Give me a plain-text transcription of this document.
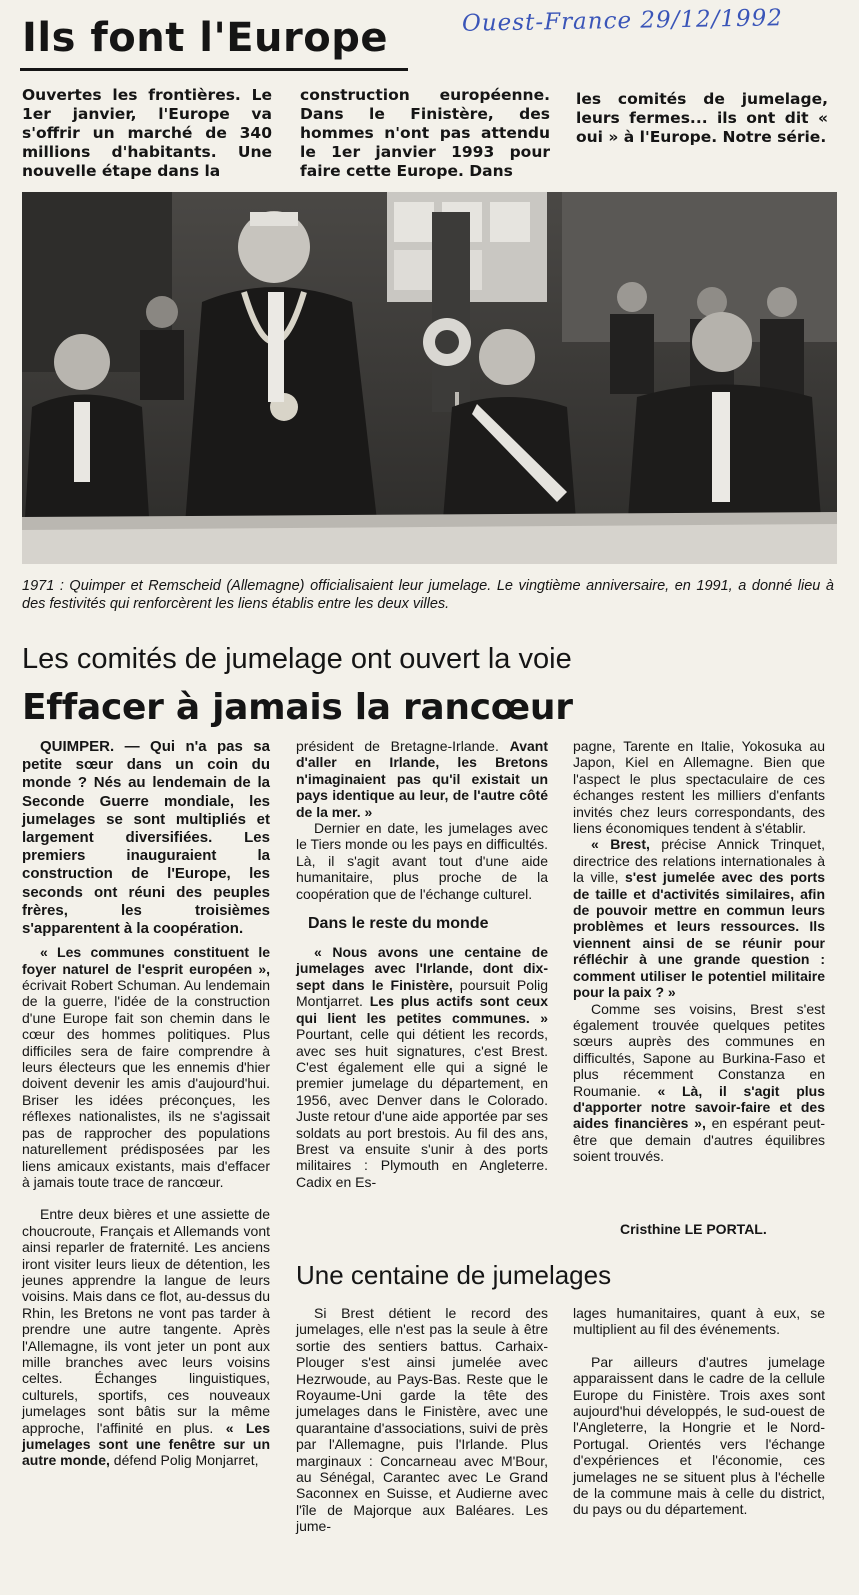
Ils font l'Europe	Ouest-France 29/12/1992
Ouvertes les frontières. Le 1er janvier, l'Europe va s'offrir un marché de 340 millions d'habitants. Une nouvelle étape dans la
construction européenne. Dans le Finistère, des hommes n'ont pas attendu le 1er janvier 1993 pour faire cette Europe. Dans
les comités de jumelage, leurs fermes... ils ont dit « oui » à l'Europe. Notre série.
1971 : Quimper et Remscheid (Allemagne) officialisaient leur jumelage. Le vingtième anniversaire, en 1991, a donné lieu à des festivités qui renforcèrent les liens établis entre les deux villes.
Les comités de jumelage ont ouvert la voie
Effacer à jamais la rancœur

QUIMPER. — Qui n'a pas sa petite sœur dans un coin du monde ? Nés au lendemain de la Seconde Guerre mondiale, les jumelages se sont multipliés et largement diversifiées. Les premiers inauguraient la construction de l'Europe, les seconds ont réuni des peuples frères, les troisièmes s'apparentent à la coopération.

« Les communes constituent le foyer naturel de l'esprit européen », écrivait Robert Schuman. Au lendemain de la guerre, l'idée de la construction d'une Europe fait son chemin dans le cœur des hommes politiques. Plus difficiles sera de faire comprendre à leurs électeurs que les ennemis d'hier doivent devenir les amis d'aujourd'hui. Briser les idées préconçues, les réflexes nationalistes, ils ne s'agissait pas de rapprocher des populations naturellement prédisposées par les liens amicaux existants, mais d'effacer à jamais toute trace de rancœur.

Entre deux bières et une assiette de choucroute, Français et Allemands vont ainsi reparler de fraternité. Les anciens iront visiter leurs lieux de détention, les jeunes apprendre la langue de leurs voisins. Mais dans ce flot, au-dessus du Rhin, les Bretons ne vont pas tarder à prendre une autre tangente. Après l'Allemagne, ils vont jeter un pont aux mille branches avec leurs voisins celtes. Échanges linguistiques, culturels, sportifs, ces nouveaux jumelages sont bâtis sur la même approche, l'affinité en plus. « Les jumelages sont une fenêtre sur un autre monde, défend Polig Monjarret,

président de Bretagne-Irlande. Avant d'aller en Irlande, les Bretons n'imaginaient pas qu'il existait un pays identique au leur, de l'autre côté de la mer. »

Dernier en date, les jumelages avec le Tiers monde ou les pays en difficultés. Là, il s'agit avant tout d'une aide humanitaire, plus proche de la coopération que de l'échange culturel.

Dans le reste du monde

« Nous avons une centaine de jumelages avec l'Irlande, dont dix-sept dans le Finistère, poursuit Polig Montjarret. Les plus actifs sont ceux qui lient les petites communes. » Pourtant, celle qui détient les records, avec ses huit signatures, c'est Brest. C'est également elle qui a signé le premier jumelage du département, en 1956, avec Denver dans le Colorado. Juste retour d'une aide apportée par ses soldats au port brestois. Au fil des ans, Brest va ensuite s'unir à des ports militaires : Plymouth en Angleterre. Cadix en Es-

pagne, Tarente en Italie, Yokosuka au Japon, Kiel en Allemagne. Bien que l'aspect le plus spectaculaire de ces échanges restent les milliers d'enfants invités chez leurs correspondants, des liens économiques tendent à s'établir.

« Brest, précise Annick Trinquet, directrice des relations internationales à la ville, s'est jumelée avec des ports de taille et d'activités similaires, afin de pouvoir mettre en commun leurs problèmes et leurs ressources. Ils viennent ainsi de se réunir pour réfléchir à une grande question : comment utiliser le potentiel militaire pour la paix ? »

Comme ses voisins, Brest s'est également trouvée quelques petites sœurs auprès des communes en difficultés, Sapone au Burkina-Faso et plus récemment Constanza en Roumanie. « Là, il s'agit plus d'apporter notre savoir-faire et des aides financières », en espérant peut-être que demain d'autres équilibres soient trouvés.

Cristhine LE PORTAL.
Une centaine de jumelages

Si Brest détient le record des jumelages, elle n'est pas la seule à être sortie des sentiers battus. Carhaix-Plouger s'est ainsi jumelée avec Hezrwoude, au Pays-Bas. Reste que le Royaume-Uni garde la tête des jumelages dans le Finistère, avec une quarantaine d'associations, suivi de près par l'Allemagne, puis l'Irlande. Plus marginaux : Concarneau avec M'Bour, au Sénégal, Carantec avec Le Grand Saconnex en Suisse, et Audierne avec l'île de Majorque aux Baléares. Les jume-

lages humanitaires, quant à eux, se multiplient au fil des événements.

Par ailleurs d'autres jumelage apparaissent dans le cadre de la cellule Europe du Finistère. Trois axes sont aujourd'hui développés, le sud-ouest de l'Angleterre, la Hongrie et le Nord-Portugal. Orientés vers l'échange d'expériences et l'économie, ces jumelages ne se situent plus à l'échelle de la commune mais à celle du district, du pays ou du département.
